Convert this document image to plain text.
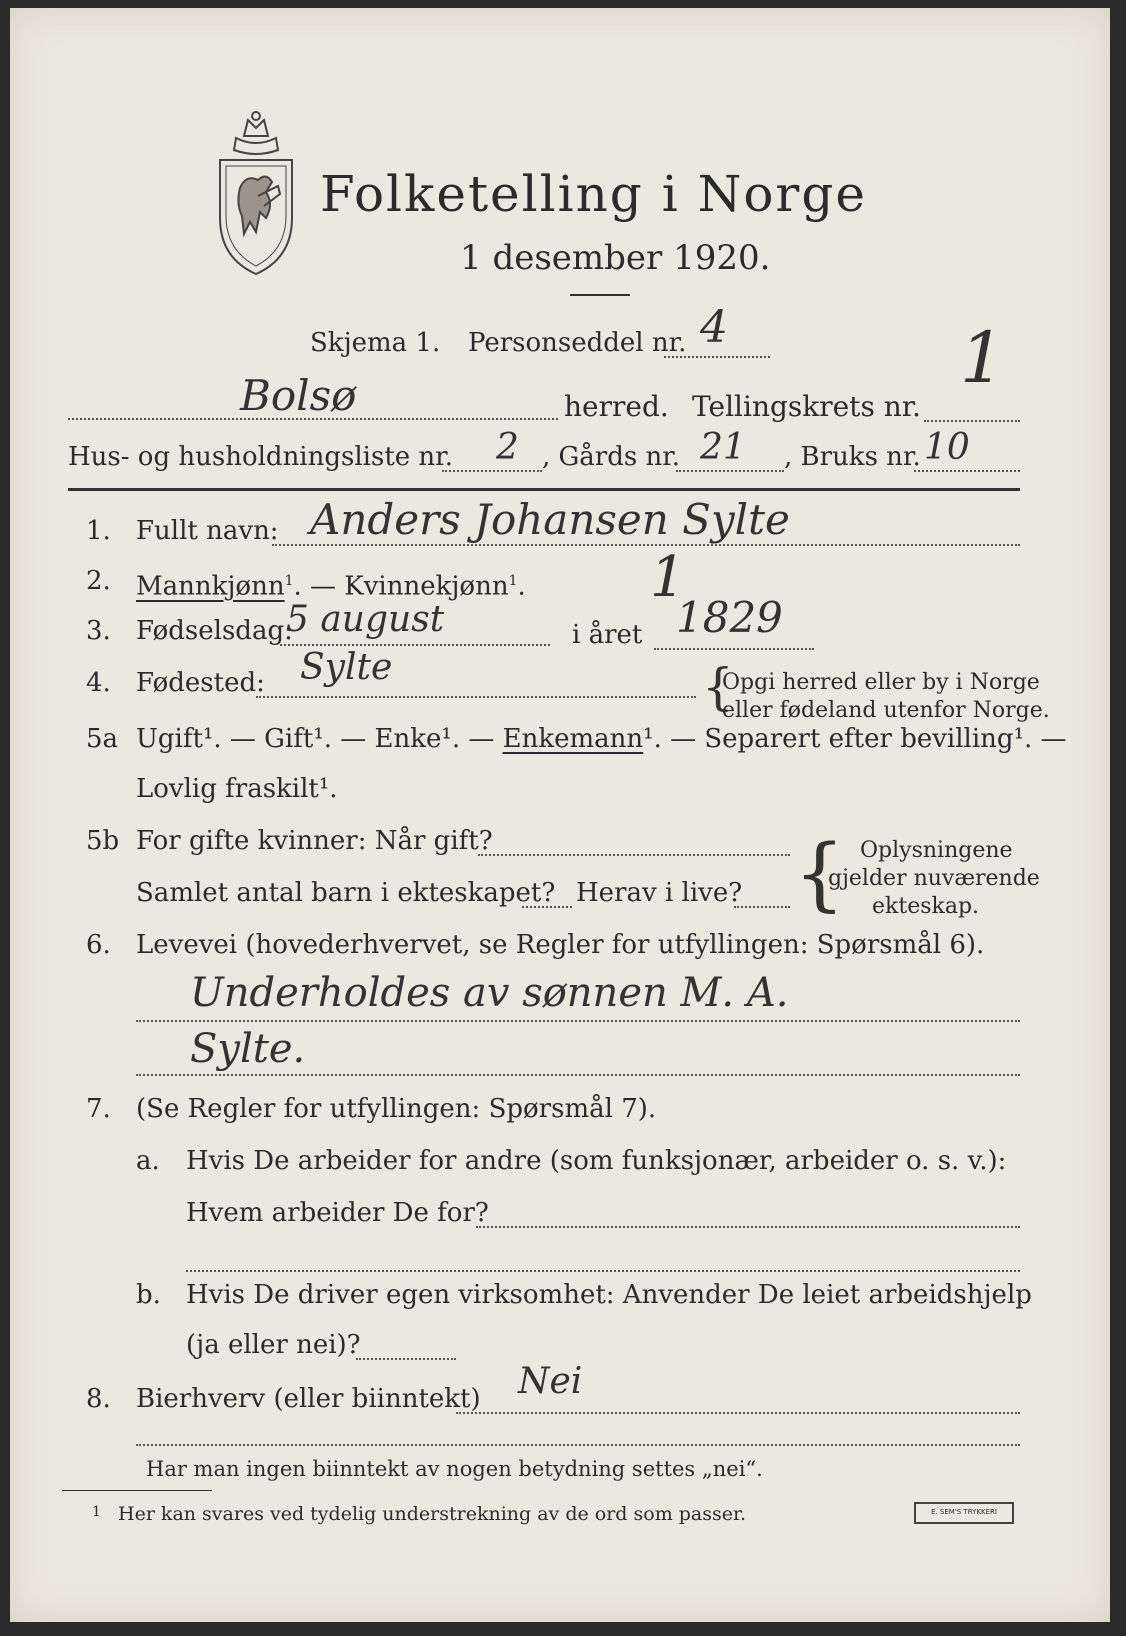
Folketelling i Norge
1 desember 1920.
Skjema 1. Personseddel nr. 4
Bolsø	herred. Tellingskrets nr.
1
Hus- og husholdningsliste nr. 2 , Gårds nr. 21 , Bruks nr. 10
1. Fullt navn: Anders Johansen Sylte
2. Mannkjønn$^1$. — Kvinnekjønn$^1$. 1
3. Fødselsdag:
5 august	i året 1829
4. Fødested: Sylte	{
Opgi herred eller by i Norge
eller fødeland utenfor Norge.
5a Ugift¹. — Gift¹. — Enke¹. — Enkemann¹. — Separert efter bevilling¹. —
Lovlig fraskilt¹.
5b For gifte kvinner: Når gift?
Samlet antal barn i ekteskapet? Herav i live? { Oplysningene
gjelder nuværende
ekteskap.
6. Levevei (hovederhvervet, se Regler for utfyllingen: Spørsmål 6).
Underholdes av sønnen M. A.
Sylte.
7. (Se Regler for utfyllingen: Spørsmål 7).
a. Hvis De arbeider for andre (som funksjonær, arbeider o. s. v.):
Hvem arbeider De for?
b. Hvis De driver egen virksomhet: Anvender De leiet arbeidshjelp
(ja eller nei)?
8. Bierhverv (eller biinntekt) Nei
Har man ingen biinntekt av nogen betydning settes „nei“.
1 Her kan svares ved tydelig understrekning av de ord som passer.	E. SEM'S TRYKKERI
